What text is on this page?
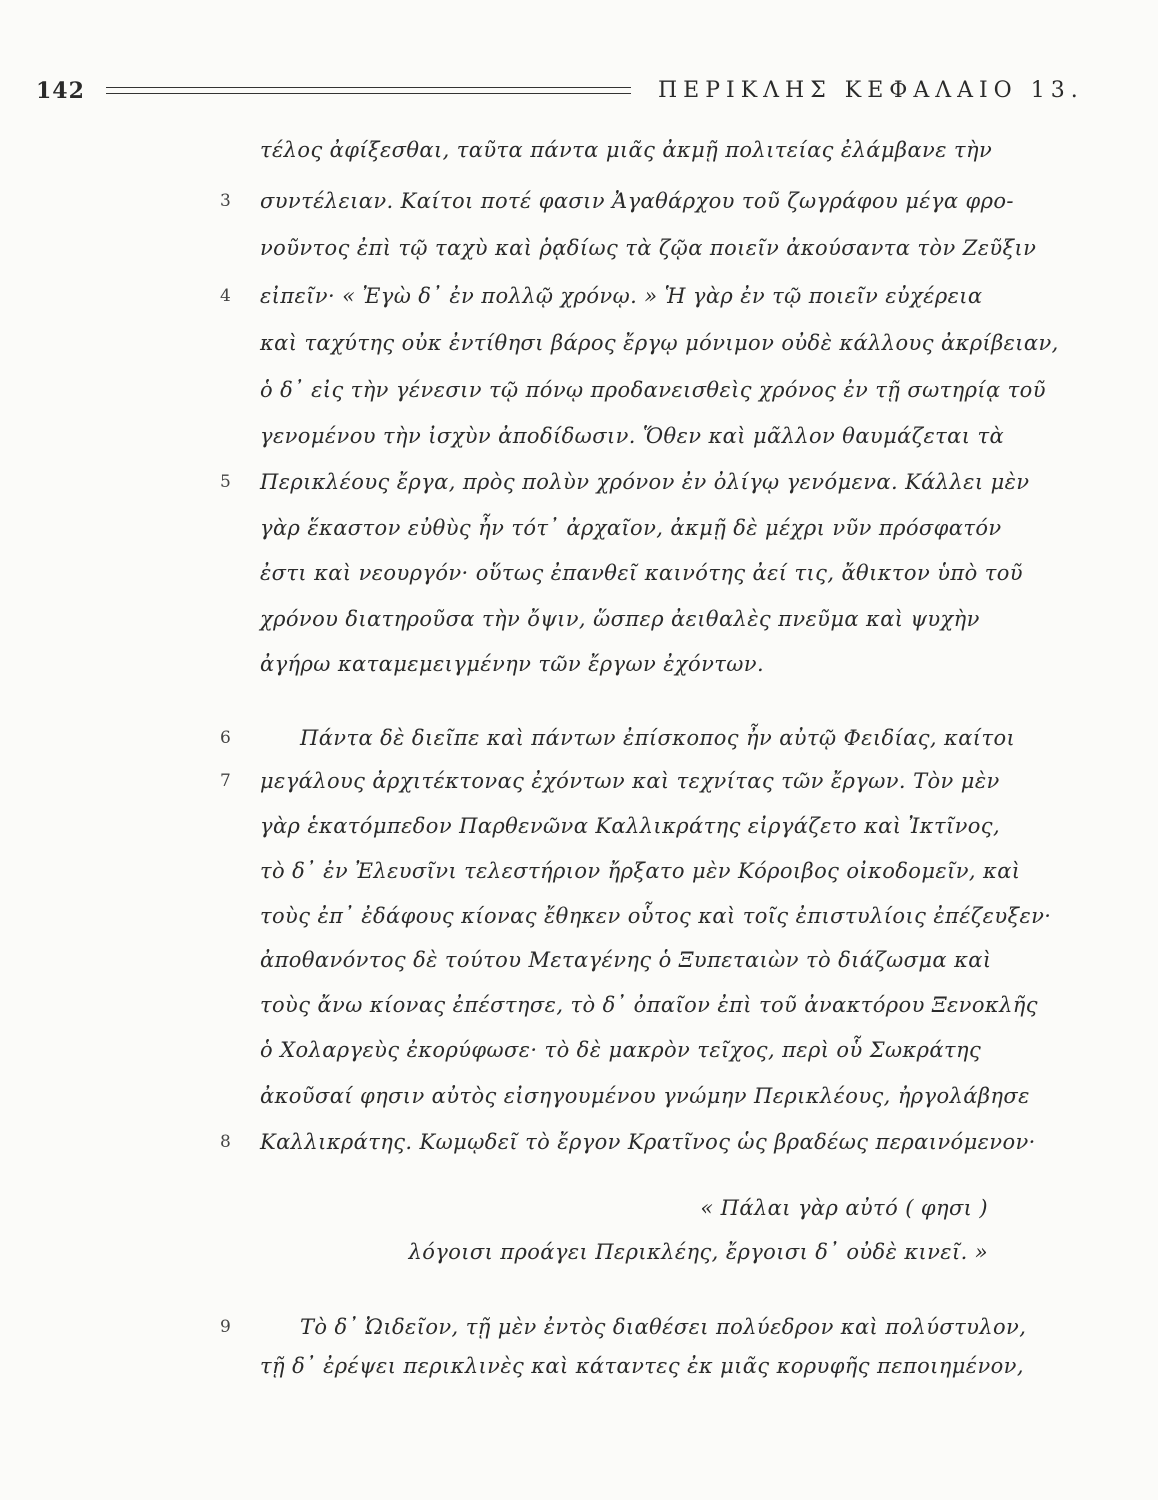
142	ΠΕΡΙΚΛΗΣ ΚΕΦΑΛΑΙΟ 13.
τέλος ἀφίξεσθαι, ταῦτα πάντα μιᾶς ἀκμῇ πολιτείας ἐλάμβανε τὴν
3	συντέλειαν. Καίτοι ποτέ φασιν Ἀγαθάρχου τοῦ ζωγράφου μέγα φρο-
νοῦντος ἐπὶ τῷ ταχὺ καὶ ῥᾳδίως τὰ ζῷα ποιεῖν ἀκούσαντα τὸν Ζεῦξιν
4	εἰπεῖν· « Ἐγὼ δ᾽ ἐν πολλῷ χρόνῳ. » Ἡ γὰρ ἐν τῷ ποιεῖν εὐχέρεια
καὶ ταχύτης οὐκ ἐντίθησι βάρος ἔργῳ μόνιμον οὐδὲ κάλλους ἀκρίβειαν,
ὁ δ᾽ εἰς τὴν γένεσιν τῷ πόνῳ προδανεισθεὶς χρόνος ἐν τῇ σωτηρίᾳ τοῦ
γενομένου τὴν ἰσχὺν ἀποδίδωσιν. Ὅθεν καὶ μᾶλλον θαυμάζεται τὰ
5	Περικλέους ἔργα, πρὸς πολὺν χρόνον ἐν ὀλίγῳ γενόμενα. Κάλλει μὲν
γὰρ ἕκαστον εὐθὺς ἦν τότ᾽ ἀρχαῖον, ἀκμῇ δὲ μέχρι νῦν πρόσφατόν
ἐστι καὶ νεουργόν· οὕτως ἐπανθεῖ καινότης ἀεί τις, ἄθικτον ὑπὸ τοῦ
χρόνου διατηροῦσα τὴν ὄψιν, ὥσπερ ἀειθαλὲς πνεῦμα καὶ ψυχὴν
ἀγήρω καταμεμειγμένην τῶν ἔργων ἐχόντων.
6	Πάντα δὲ διεῖπε καὶ πάντων ἐπίσκοπος ἦν αὐτῷ Φειδίας, καίτοι
7	μεγάλους ἀρχιτέκτονας ἐχόντων καὶ τεχνίτας τῶν ἔργων. Τὸν μὲν
γὰρ ἑκατόμπεδον Παρθενῶνα Καλλικράτης εἰργάζετο καὶ Ἰκτῖνος,
τὸ δ᾽ ἐν Ἐλευσῖνι τελεστήριον ἤρξατο μὲν Κόροιβος οἰκοδομεῖν, καὶ
τοὺς ἐπ᾽ ἐδάφους κίονας ἔθηκεν οὗτος καὶ τοῖς ἐπιστυλίοις ἐπέζευξεν·
ἀποθανόντος δὲ τούτου Μεταγένης ὁ Ξυπεταιὼν τὸ διάζωσμα καὶ
τοὺς ἄνω κίονας ἐπέστησε, τὸ δ᾽ ὀπαῖον ἐπὶ τοῦ ἀνακτόρου Ξενοκλῆς
ὁ Χολαργεὺς ἐκορύφωσε· τὸ δὲ μακρὸν τεῖχος, περὶ οὗ Σωκράτης
ἀκοῦσαί φησιν αὐτὸς εἰσηγουμένου γνώμην Περικλέους, ἠργολάβησε
8	Καλλικράτης. Κωμῳδεῖ τὸ ἔργον Κρατῖνος ὡς βραδέως περαινόμενον·
« Πάλαι γὰρ αὐτό ( φησι )
λόγοισι προάγει Περικλέης, ἔργοισι δ᾽ οὐδὲ κινεῖ. »
9	Τὸ δ᾽ Ὠιδεῖον, τῇ μὲν ἐντὸς διαθέσει πολύεδρον καὶ πολύστυλον,
τῇ δ᾽ ἐρέψει περικλινὲς καὶ κάταντες ἐκ μιᾶς κορυφῆς πεποιημένον,
